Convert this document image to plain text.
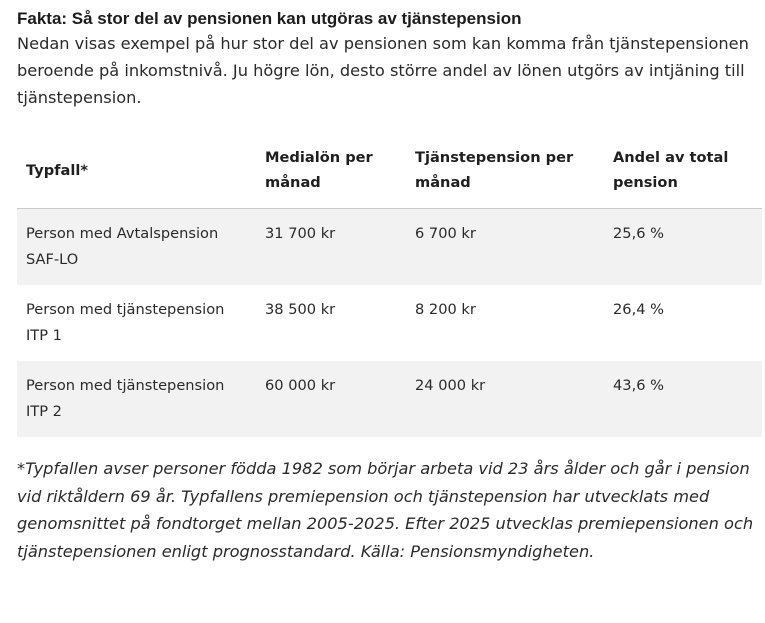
Fakta: Så stor del av pensionen kan utgöras av tjänstepension

Nedan visas exempel på hur stor del av pensionen som kan komma från tjänstepensionen beroende på inkomstnivå. Ju högre lön, desto större andel av lönen utgörs av intjäning till tjänstepension.

Typfall*	Medialön per månad	Tjänstepension per månad	Andel av total pension
Person med Avtalspension SAF-LO	31 700 kr	6 700 kr	25,6 %
Person med tjänstepension ITP 1	38 500 kr	8 200 kr	26,4 %
Person med tjänstepension ITP 2	60 000 kr	24 000 kr	43,6 %

*Typfallen avser personer födda 1982 som börjar arbeta vid 23 års ålder och går i pension vid riktåldern 69 år. Typfallens premiepension och tjänstepension har utvecklats med genomsnittet på fondtorget mellan 2005-2025. Efter 2025 utvecklas premiepensionen och tjänstepensionen enligt prognosstandard. Källa: Pensionsmyndigheten.
